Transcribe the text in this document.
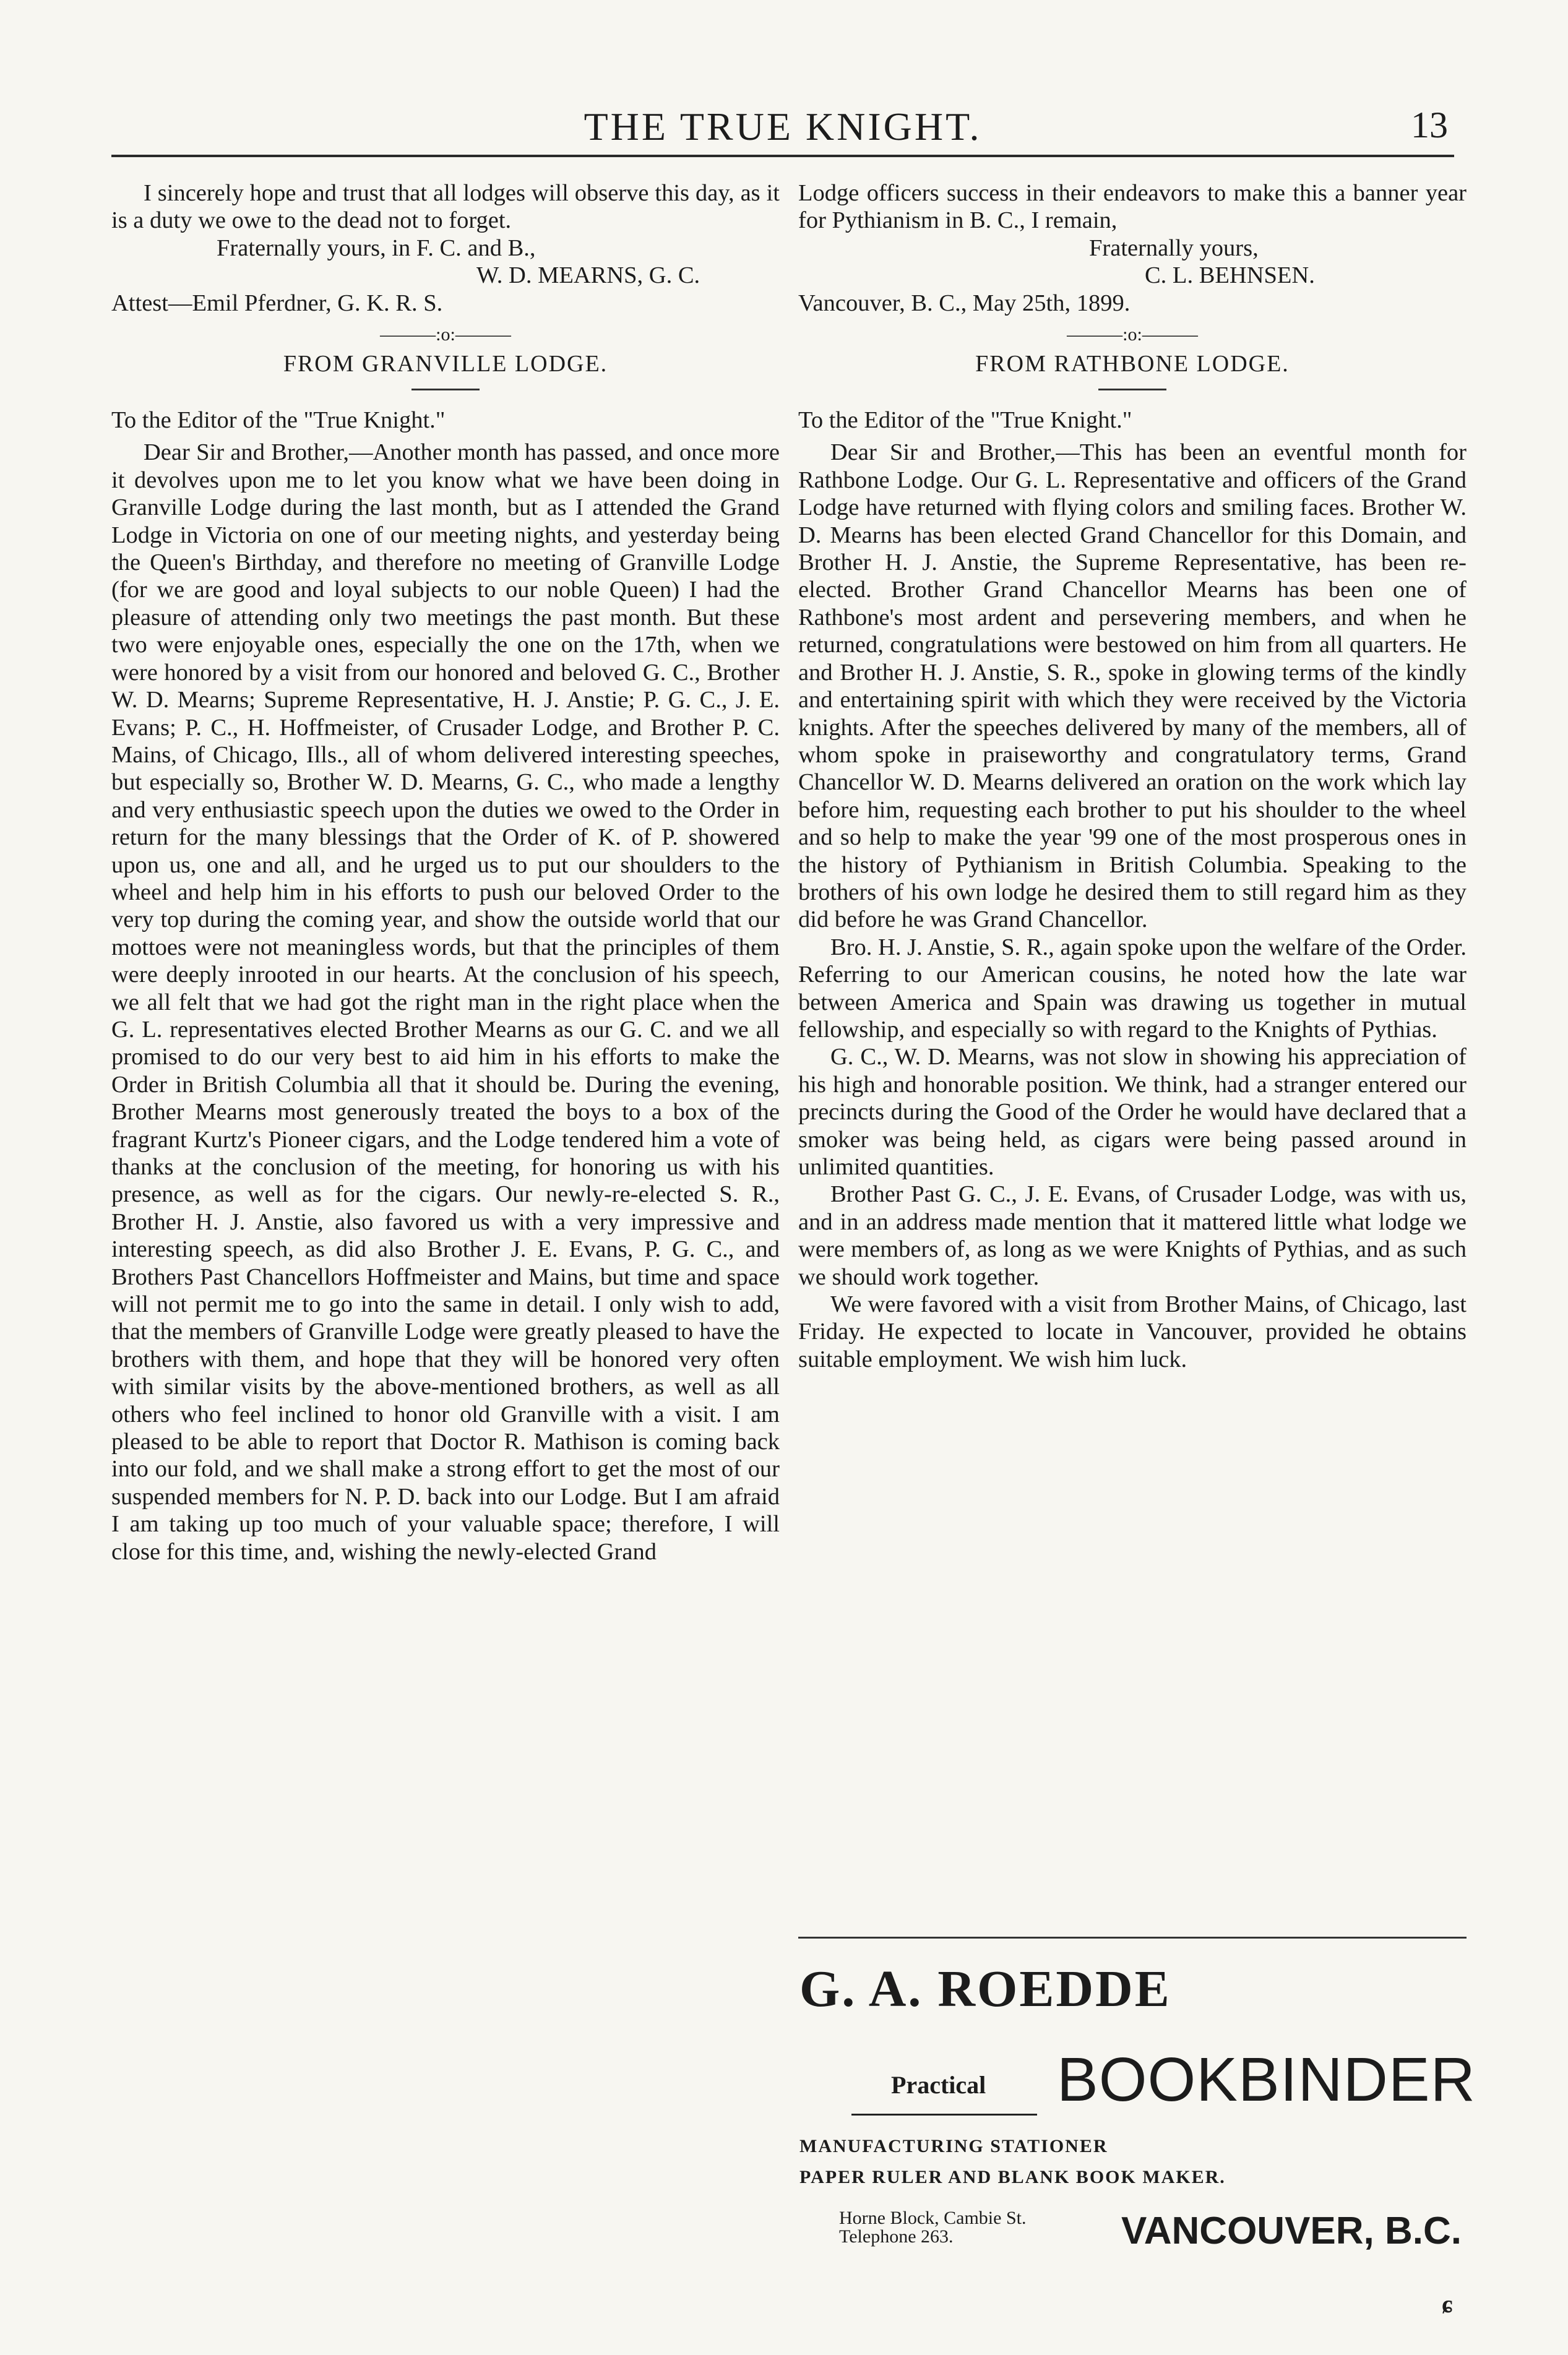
THE TRUE KNIGHT.	13

I sincerely hope and trust that all lodges will observe this day, as it is a duty we owe to the dead not to forget.

Fraternally yours, in F. C. and B.,

W. D. MEARNS, G. C.

Attest—Emil Pferdner, G. K. R. S.

———:o:———
FROM GRANVILLE LODGE.

To the Editor of the "True Knight."

Dear Sir and Brother,—Another month has passed, and once more it devolves upon me to let you know what we have been doing in Granville Lodge during the last month, but as I attended the Grand Lodge in Victoria on one of our meeting nights, and yesterday being the Queen's Birthday, and therefore no meeting of Granville Lodge (for we are good and loyal subjects to our noble Queen) I had the pleasure of attending only two meetings the past month. But these two were enjoyable ones, especially the one on the 17th, when we were honored by a visit from our honored and beloved G. C., Brother W. D. Mearns; Supreme Representative, H. J. Anstie; P. G. C., J. E. Evans; P. C., H. Hoffmeister, of Crusader Lodge, and Brother P. C. Mains, of Chicago, Ills., all of whom delivered interesting speeches, but especially so, Brother W. D. Mearns, G. C., who made a lengthy and very enthusiastic speech upon the duties we owed to the Order in return for the many blessings that the Order of K. of P. showered upon us, one and all, and he urged us to put our shoulders to the wheel and help him in his efforts to push our beloved Order to the very top during the coming year, and show the outside world that our mottoes were not meaningless words, but that the principles of them were deeply inrooted in our hearts. At the conclusion of his speech, we all felt that we had got the right man in the right place when the G. L. representatives elected Brother Mearns as our G. C. and we all promised to do our very best to aid him in his efforts to make the Order in British Columbia all that it should be. During the evening, Brother Mearns most generously treated the boys to a box of the fragrant Kurtz's Pioneer cigars, and the Lodge tendered him a vote of thanks at the conclusion of the meeting, for honoring us with his presence, as well as for the cigars. Our newly-re-elected S. R., Brother H. J. Anstie, also favored us with a very impressive and interesting speech, as did also Brother J. E. Evans, P. G. C., and Brothers Past Chancellors Hoffmeister and Mains, but time and space will not permit me to go into the same in detail. I only wish to add, that the members of Granville Lodge were greatly pleased to have the brothers with them, and hope that they will be honored very often with similar visits by the above-mentioned brothers, as well as all others who feel inclined to honor old Granville with a visit. I am pleased to be able to report that Doctor R. Mathison is coming back into our fold, and we shall make a strong effort to get the most of our suspended members for N. P. D. back into our Lodge. But I am afraid I am taking up too much of your valuable space; therefore, I will close for this time, and, wishing the newly-elected Grand

Lodge officers success in their endeavors to make this a banner year for Pythianism in B. C., I remain,

Fraternally yours,

C. L. BEHNSEN.

Vancouver, B. C., May 25th, 1899.

———:o:———
FROM RATHBONE LODGE.

To the Editor of the "True Knight."

Dear Sir and Brother,—This has been an eventful month for Rathbone Lodge. Our G. L. Representative and officers of the Grand Lodge have returned with flying colors and smiling faces. Brother W. D. Mearns has been elected Grand Chancellor for this Domain, and Brother H. J. Anstie, the Supreme Representative, has been re-elected. Brother Grand Chancellor Mearns has been one of Rathbone's most ardent and persevering members, and when he returned, congratulations were bestowed on him from all quarters. He and Brother H. J. Anstie, S. R., spoke in glowing terms of the kindly and entertaining spirit with which they were received by the Victoria knights. After the speeches delivered by many of the members, all of whom spoke in praiseworthy and congratulatory terms, Grand Chancellor W. D. Mearns delivered an oration on the work which lay before him, requesting each brother to put his shoulder to the wheel and so help to make the year '99 one of the most prosperous ones in the history of Pythianism in British Columbia. Speaking to the brothers of his own lodge he desired them to still regard him as they did before he was Grand Chancellor.

Bro. H. J. Anstie, S. R., again spoke upon the welfare of the Order. Referring to our American cousins, he noted how the late war between America and Spain was drawing us together in mutual fellowship, and especially so with regard to the Knights of Pythias.

G. C., W. D. Mearns, was not slow in showing his appreciation of his high and honorable position. We think, had a stranger entered our precincts during the Good of the Order he would have declared that a smoker was being held, as cigars were being passed around in unlimited quantities.

Brother Past G. C., J. E. Evans, of Crusader Lodge, was with us, and in an address made mention that it mattered little what lodge we were members of, as long as we were Knights of Pythias, and as such we should work together.

We were favored with a visit from Brother Mains, of Chicago, last Friday. He expected to locate in Vancouver, provided he obtains suitable employment. We wish him luck.

G. A. ROEDDE
Practical BOOKBINDER
MANUFACTURING STATIONER
PAPER RULER AND BLANK BOOK MAKER.
Horne Block, Cambie St.
Telephone 263.	VANCOUVER, B.C.
ɕ
